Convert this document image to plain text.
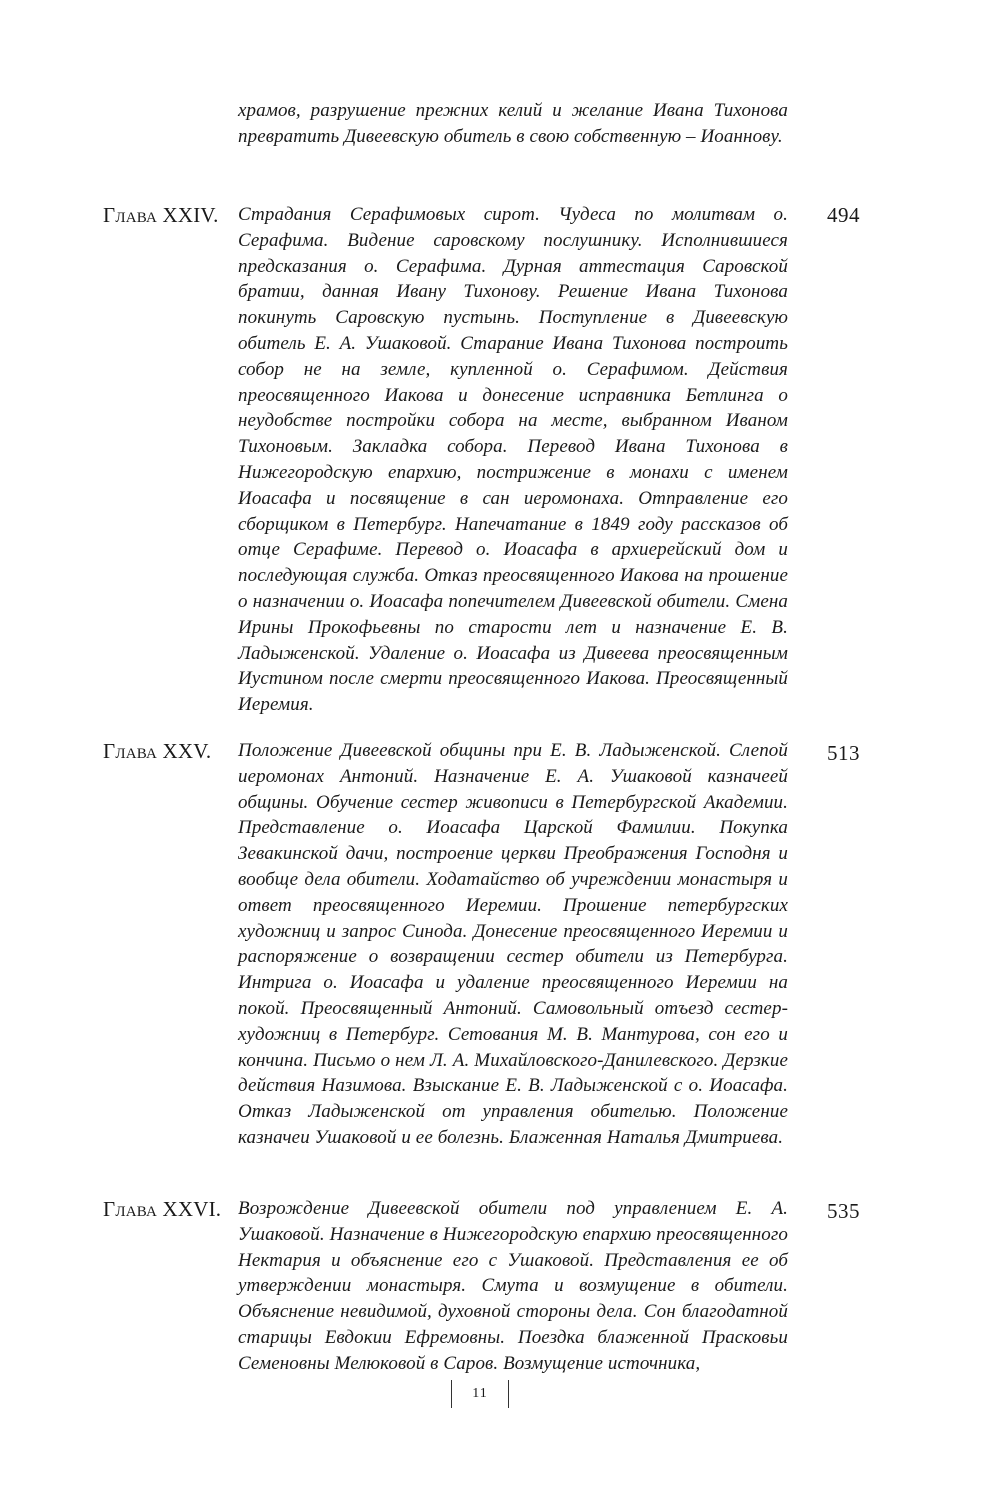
храмов, разрушение прежних келий и желание Ивана Тихонова превратить Дивеевскую обитель в свою собственную – Иоаннову.
Глава XXIV. Страдания Серафимовых сирот. Чудеса по молитвам о. Серафима. Видение саровскому послушнику. Исполнившиеся предсказания о. Серафима. Дурная аттестация Саровской братии, данная Ивану Тихонову. Решение Ивана Тихонова покинуть Саровскую пустынь. Поступление в Дивеевскую обитель Е. А. Ушаковой. Старание Ивана Тихонова построить собор не на земле, купленной о. Серафимом. Действия преосвященного Иакова и донесение исправника Бетлинга о неудобстве постройки собора на месте, выбранном Иваном Тихоновым. Закладка собора. Перевод Ивана Тихонова в Нижегородскую епархию, пострижение в монахи с именем Иоасафа и посвящение в сан иеромонаха. Отправление его сборщиком в Петербург. Напечатание в 1849 году рассказов об отце Серафиме. Перевод о. Иоасафа в архиерейский дом и последующая служба. Отказ преосвященного Иакова на прошение о назначении о. Иоасафа попечителем Дивеевской обители. Смена Ирины Прокофьевны по старости лет и назначение Е. В. Ладыженской. Удаление о. Иоасафа из Дивеева преосвященным Иустином после смерти преосвященного Иакова. Преосвященный Иеремия.
494
Глава XXV. Положение Дивеевской общины при Е. В. Ладыженской. Слепой иеромонах Антоний. Назначение Е. А. Ушаковой казначеей общины. Обучение сестер живописи в Петербургской Академии. Представление о. Иоасафа Царской Фамилии. Покупка Зевакинской дачи, построение церкви Преображения Господня и вообще дела обители. Ходатайство об учреждении монастыря и ответ преосвященного Иеремии. Прошение петербургских художниц и запрос Синода. Донесение преосвященного Иеремии и распоряжение о возвращении сестер обители из Петербурга. Интрига о. Иоасафа и удаление преосвященного Иеремии на покой. Преосвященный Антоний. Самовольный отъезд сестер-художниц в Петербург. Сетования М. В. Мантурова, сон его и кончина. Письмо о нем Л. А. Михайловского-Данилевского. Дерзкие действия Назимова. Взыскание Е. В. Ладыженской с о. Иоасафа. Отказ Ладыженской от управления обителью. Положение казначеи Ушаковой и ее болезнь. Блаженная Наталья Дмитриева.
513
Глава XXVI. Возрождение Дивеевской обители под управлением Е. А. Ушаковой. Назначение в Нижегородскую епархию преосвященного Нектария и объяснение его с Ушаковой. Представления ее об утверждении монастыря. Смута и возмущение в обители. Объяснение невидимой, духовной стороны дела. Сон благодатной старицы Евдокии Ефремовны. Поездка блаженной Прасковьи Семеновны Мелюковой в Саров. Возмущение источника,
535
11
